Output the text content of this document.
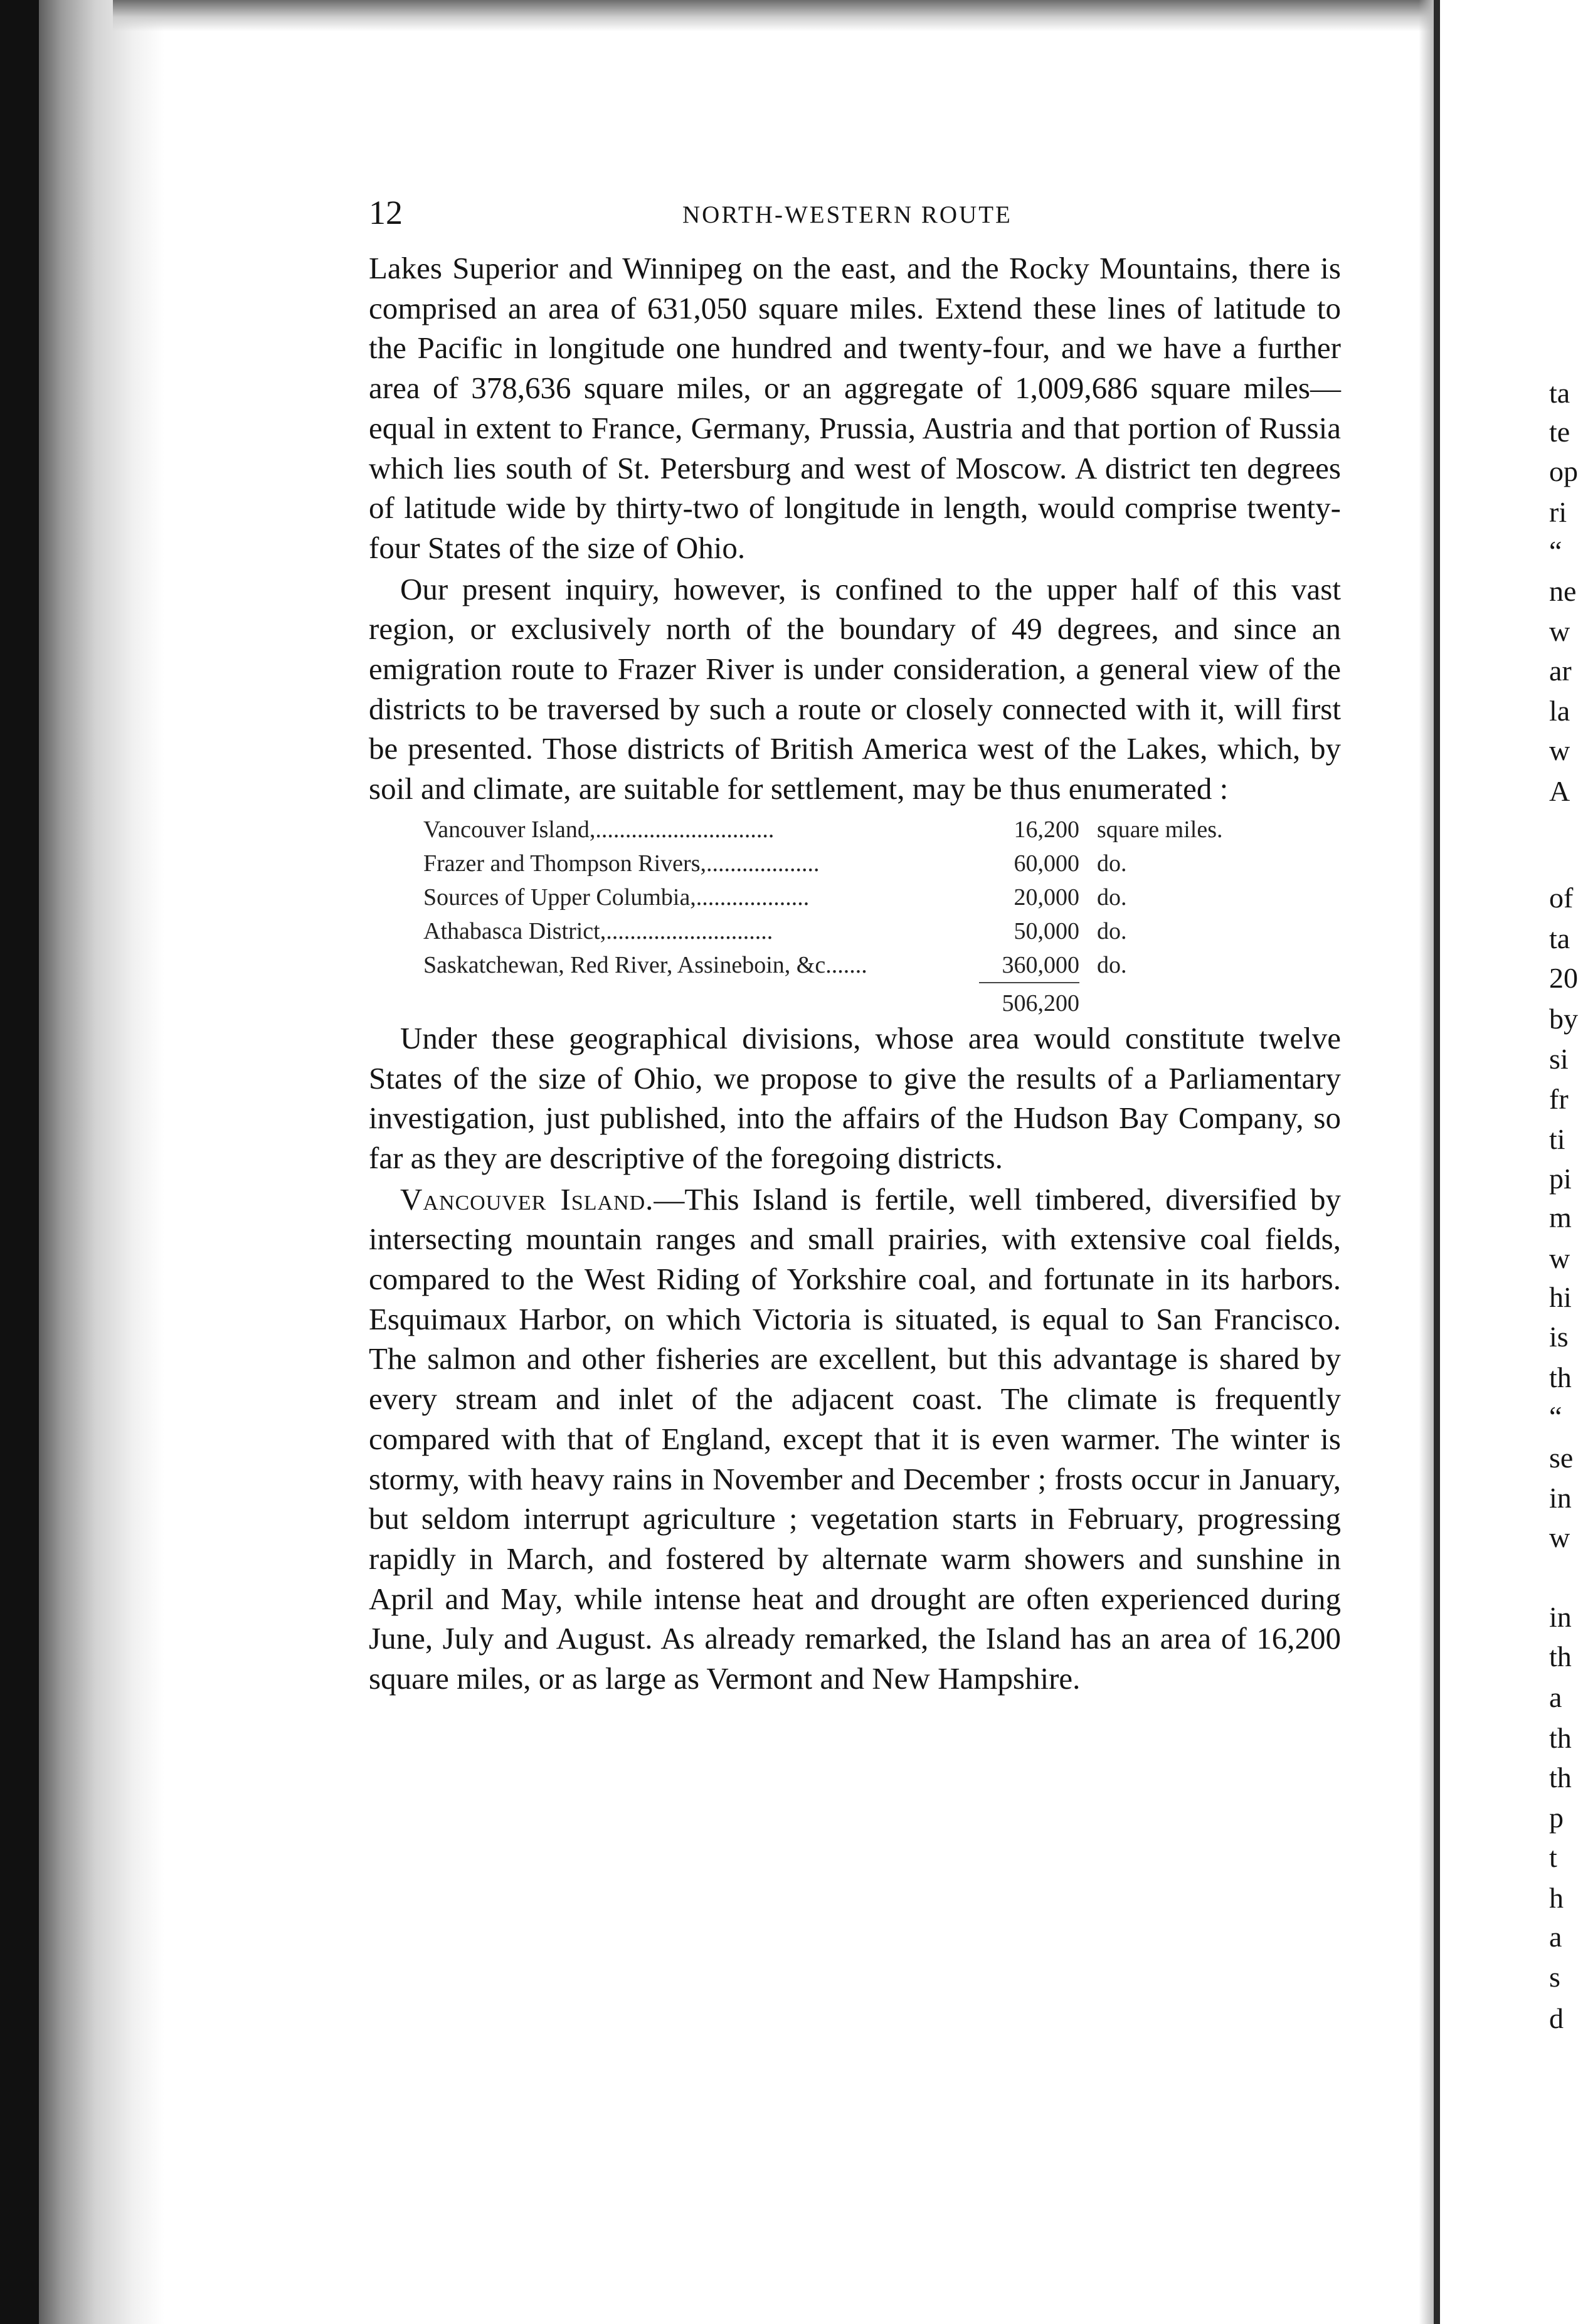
12	NORTH-WESTERN ROUTE

Lakes Superior and Winnipeg on the east, and the Rocky Mountains, there is comprised an area of 631,050 square miles. Extend these lines of latitude to the Pacific in longitude one hundred and twenty-four, and we have a further area of 378,636 square miles, or an aggregate of 1,009,686 square miles—equal in extent to France, Germany, Prussia, Austria and that portion of Russia which lies south of St. Petersburg and west of Moscow. A district ten degrees of latitude wide by thirty-two of longitude in length, would comprise twenty-four States of the size of Ohio.

Our present inquiry, however, is confined to the upper half of this vast region, or exclusively north of the boundary of 49 degrees, and since an emigration route to Frazer River is under consideration, a general view of the districts to be traversed by such a route or closely connected with it, will first be presented. Those districts of British America west of the Lakes, which, by soil and climate, are suitable for settlement, may be thus enumerated :

Vancouver Island,..............................	16,200	square miles.
Frazer and Thompson Rivers,...................	60,000	do.
Sources of Upper Columbia,...................	20,000	do.
Athabasca District,............................	50,000	do.
Saskatchewan, Red River, Assineboin, &c.......	360,000	do.
	506,200	

Under these geographical divisions, whose area would constitute twelve States of the size of Ohio, we propose to give the results of a Parliamentary investigation, just published, into the affairs of the Hudson Bay Company, so far as they are descriptive of the foregoing districts.

Vancouver Island.—This Island is fertile, well timbered, diversified by intersecting mountain ranges and small prairies, with extensive coal fields, compared to the West Riding of Yorkshire coal, and fortunate in its harbors. Esquimaux Harbor, on which Victoria is situated, is equal to San Francisco. The salmon and other fisheries are excellent, but this advantage is shared by every stream and inlet of the adjacent coast. The climate is frequently compared with that of England, except that it is even warmer. The winter is stormy, with heavy rains in November and December ; frosts occur in January, but seldom interrupt agriculture ; vegetation starts in February, progressing rapidly in March, and fostered by alternate warm showers and sunshine in April and May, while intense heat and drought are often experienced during June, July and August. As already remarked, the Island has an area of 16,200 square miles, or as large as Vermont and New Hampshire.

ta
te
op
ri
“
ne
w
ar
la
w
A
of
ta
20
by
si
fr
ti
pi
m
w
hi
is
th
“
se
in
w
in
th
a
th
th
p
t
h
a
s
d
